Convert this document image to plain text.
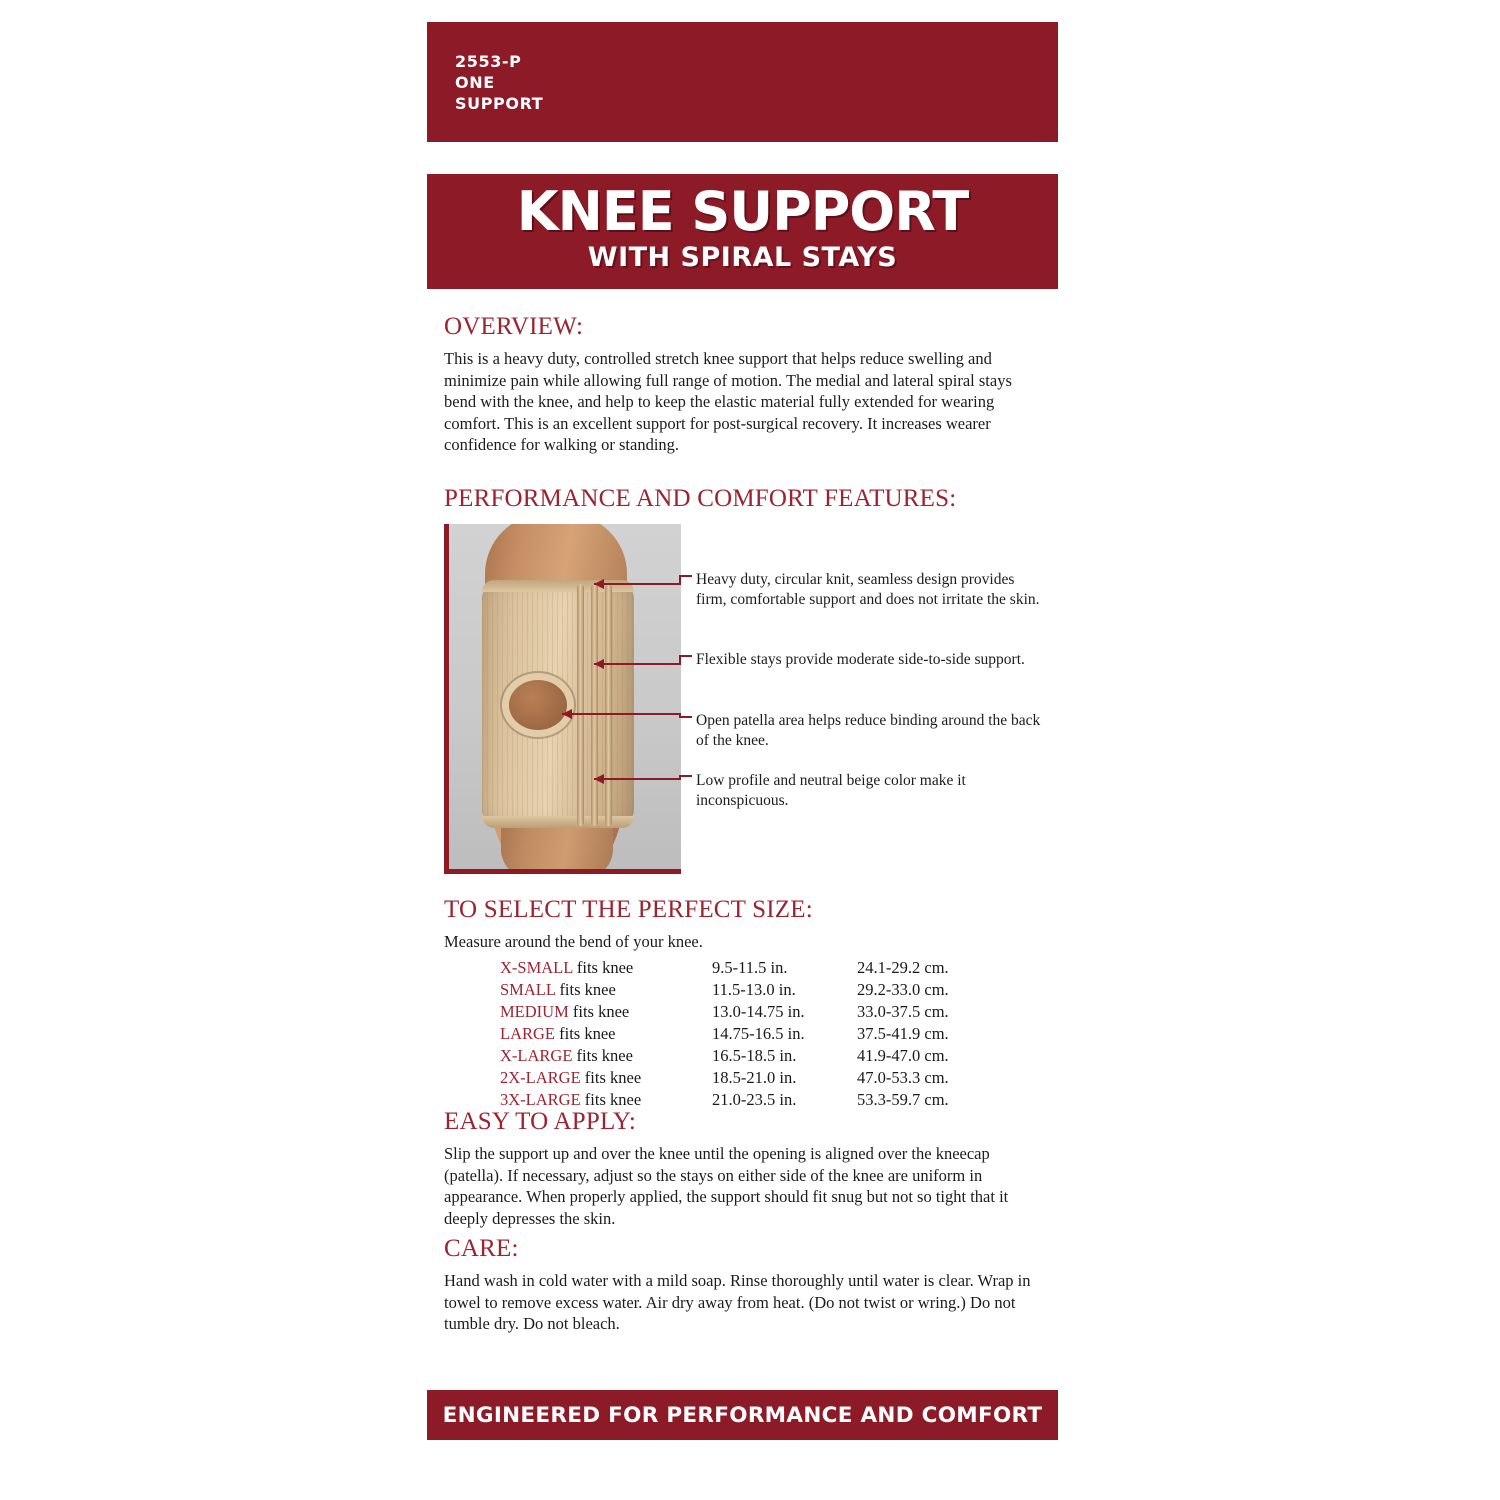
2553-P
ONE
SUPPORT
KNEE SUPPORT
WITH SPIRAL STAYS
OVERVIEW:

This is a heavy duty, controlled stretch knee support that helps reduce swelling and minimize pain while allowing full range of motion. The medial and lateral spiral stays bend with the knee, and help to keep the elastic material fully extended for wearing comfort. This is an excellent support for post-surgical recovery. It increases wearer confidence for walking or standing.

PERFORMANCE AND COMFORT FEATURES:
Heavy duty, circular knit, seamless design provides firm, comfortable support and does not irritate the skin.
Flexible stays provide moderate side-to-side support.
Open patella area helps reduce binding around the back of the knee.
Low profile and neutral beige color make it inconspicuous.
TO SELECT THE PERFECT SIZE:

Measure around the bend of your knee.

X-SMALL fits knee	9.5-11.5 in.	24.1-29.2 cm.
SMALL fits knee	11.5-13.0 in.	29.2-33.0 cm.
MEDIUM fits knee	13.0-14.75 in.	33.0-37.5 cm.
LARGE fits knee	14.75-16.5 in.	37.5-41.9 cm.
X-LARGE fits knee	16.5-18.5 in.	41.9-47.0 cm.
2X-LARGE fits knee	18.5-21.0 in.	47.0-53.3 cm.
3X-LARGE fits knee	21.0-23.5 in.	53.3-59.7 cm.
EASY TO APPLY:

Slip the support up and over the knee until the opening is aligned over the kneecap (patella). If necessary, adjust so the stays on either side of the knee are uniform in appearance. When properly applied, the support should fit snug but not so tight that it deeply depresses the skin.

CARE:

Hand wash in cold water with a mild soap. Rinse thoroughly until water is clear. Wrap in towel to remove excess water. Air dry away from heat. (Do not twist or wring.) Do not tumble dry. Do not bleach.

ENGINEERED FOR PERFORMANCE AND COMFORT
